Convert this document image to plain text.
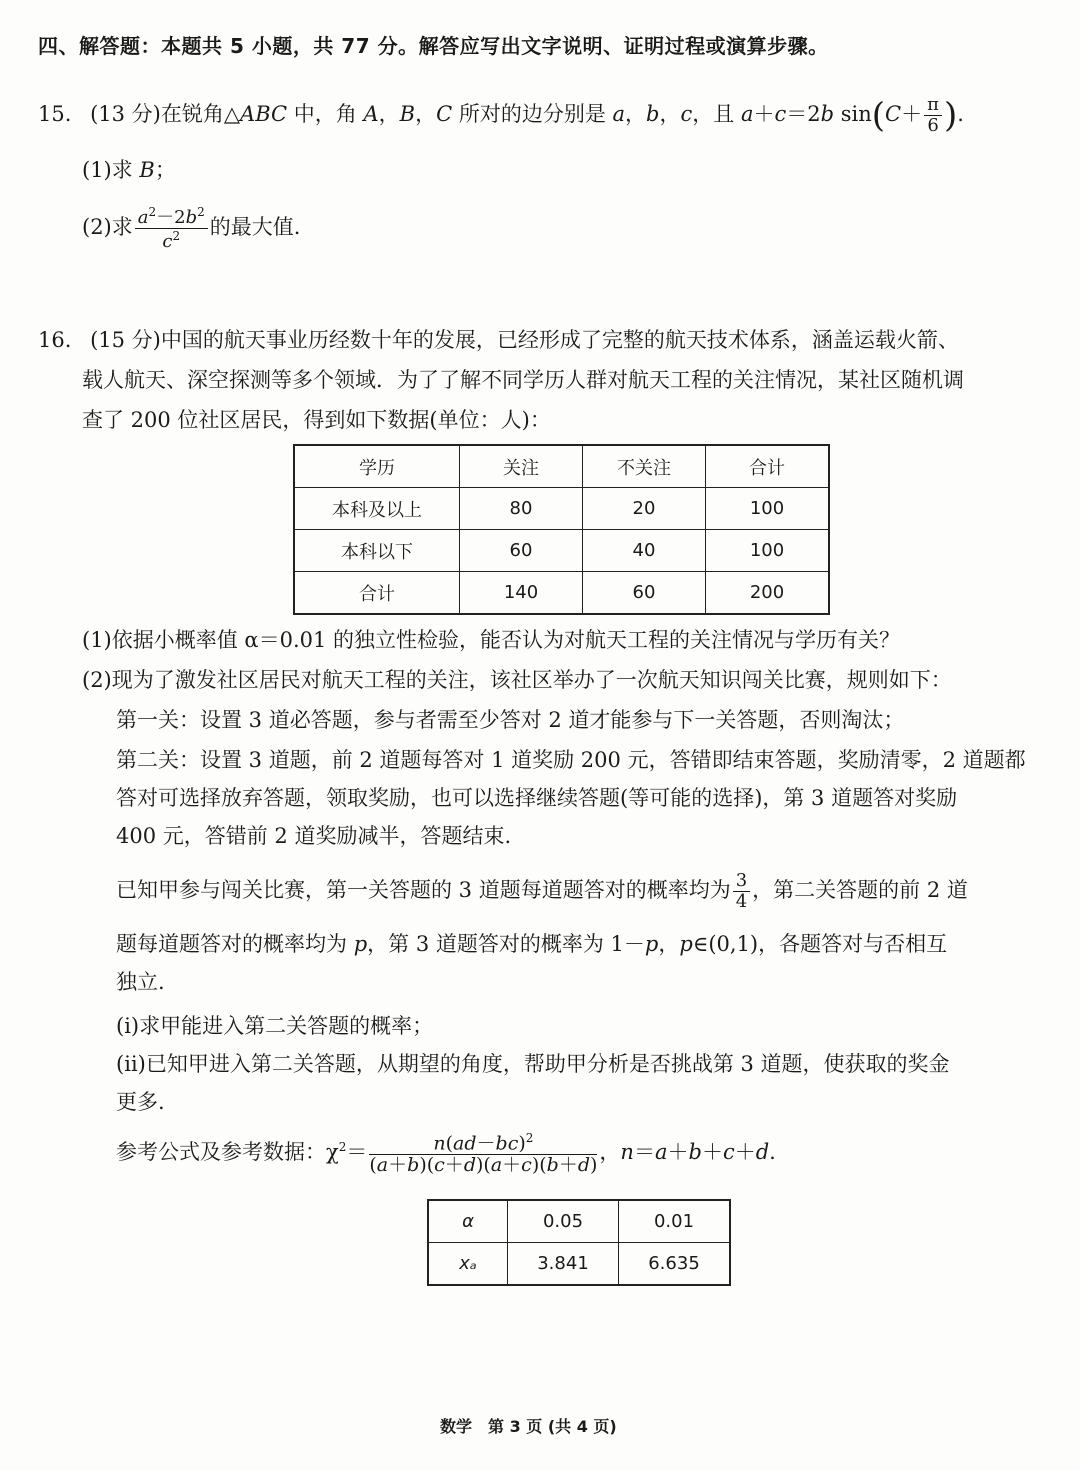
四、解答题：本题共 5 小题，共 77 分。解答应写出文字说明、证明过程或演算步骤。
15. (13 分)在锐角△ABC 中，角 A，B，C 所对的边分别是 a，b，c，且 a＋c＝2b $\sin(C+ \frac{\pi}{6}$ ).
(1)求 B；
(2)求 $\frac{a^2-2b^2}{c^2}$ 的最大值.
16. (15 分)中国的航天事业历经数十年的发展，已经形成了完整的航天技术体系，涵盖运载火箭、
载人航天、深空探测等多个领域．为了了解不同学历人群对航天工程的关注情况，某社区随机调
查了 200 位社区居民，得到如下数据(单位：人)：
学历	关注	不关注	合计
本科及以上	80	20	100
本科以下	60	40	100
合计	140	60	200
(1)依据小概率值 α＝0.01 的独立性检验，能否认为对航天工程的关注情况与学历有关？
(2)现为了激发社区居民对航天工程的关注，该社区举办了一次航天知识闯关比赛，规则如下：
第一关：设置 3 道必答题，参与者需至少答对 2 道才能参与下一关答题，否则淘汰；
第二关：设置 3 道题，前 2 道题每答对 1 道奖励 200 元，答错即结束答题，奖励清零，2 道题都
答对可选择放弃答题，领取奖励，也可以选择继续答题(等可能的选择)，第 3 道题答对奖励
400 元，答错前 2 道奖励减半，答题结束.
已知甲参与闯关比赛，第一关答题的 3 道题每道题答对的概率均为 $\frac{3}{4}$ ，第二关答题的前 2 道
题每道题答对的概率均为 p，第 3 道题答对的概率为 1－p，p∈(0,1)，各题答对与否相互
独立.
(ⅰ)求甲能进入第二关答题的概率；
(ⅱ)已知甲进入第二关答题，从期望的角度，帮助甲分析是否挑战第 3 道题，使获取的奖金
更多.
参考公式及参考数据：$\chi^2= \frac{n(ad-bc)^2}{(a+b)(c+d)(a+c)(b+d)}$ ，n＝a＋b＋c＋d.
α	0.05	0.01
xₐ	3.841	6.635
数学　第 3 页 (共 4 页)
